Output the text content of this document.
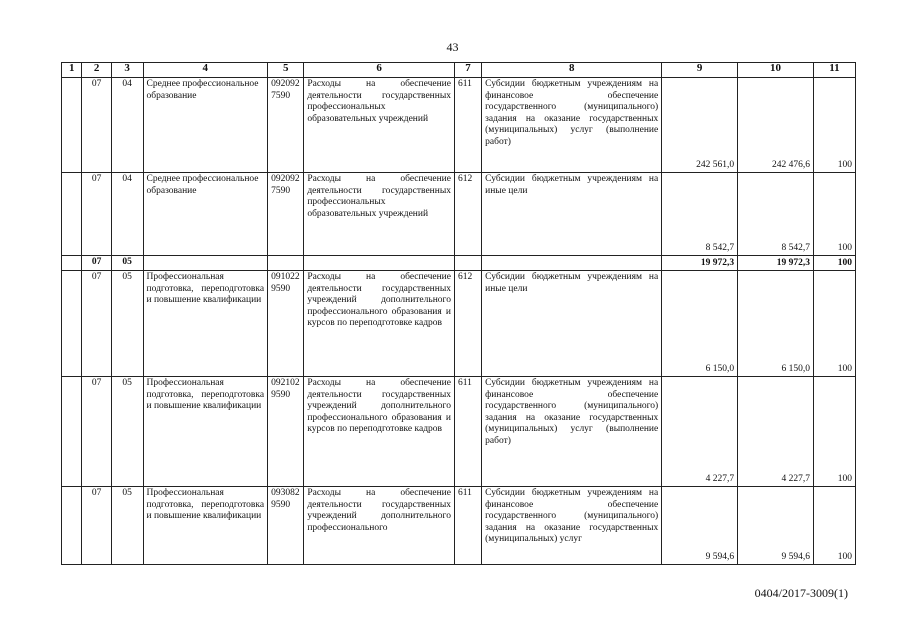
43
1	2	3	4	5	6	7	8	9	10	11
	07	04	Среднее профессиональное образование	092092 7590	Расходы на обеспечение деятельности государственных профессиональных образовательных учреждений	611	Субсидии бюджетным учреждениям на финансовое обеспечение государственного (муниципального) задания на оказание государственных (муниципальных) услуг (выполнение работ)	242 561,0	242 476,6	100
	07	04	Среднее профессиональное образование	092092 7590	Расходы на обеспечение деятельности государственных профессиональных образовательных учреждений	612	Субсидии бюджетным учреждениям на иные цели	8 542,7	8 542,7	100
	07	05						19 972,3	19 972,3	100
	07	05	Профессиональная подготовка, переподготовка и повышение квалификации	091022 9590	Расходы на обеспечение деятельности государственных учреждений дополнительного профессионального образования и курсов по переподготовке кадров	612	Субсидии бюджетным учреждениям на иные цели	6 150,0	6 150,0	100
	07	05	Профессиональная подготовка, переподготовка и повышение квалификации	092102 9590	Расходы на обеспечение деятельности государственных учреждений дополнительного профессионального образования и курсов по переподготовке кадров	611	Субсидии бюджетным учреждениям на финансовое обеспечение государственного (муниципального) задания на оказание государственных (муниципальных) услуг (выполнение работ)	4 227,7	4 227,7	100
	07	05	Профессиональная подготовка, переподготовка и повышение квалификации	093082 9590	Расходы на обеспечение деятельности государственных учреждений дополнительного профессионального	611	Субсидии бюджетным учреждениям на финансовое обеспечение государственного (муниципального) задания на оказание государственных (муниципальных) услуг	9 594,6	9 594,6	100
0404/2017-3009(1)
